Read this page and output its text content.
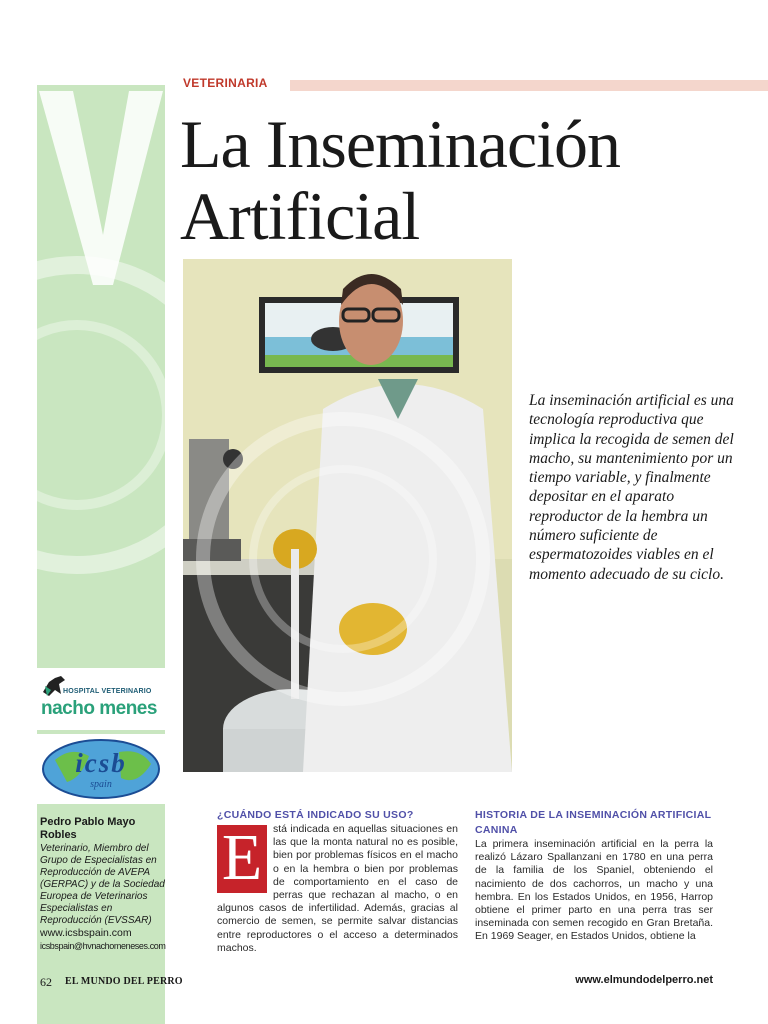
VETERINARIA
La Inseminación
Artificial
La inseminación artificial es una tecnología reproductiva que implica la recogida de semen del macho, su mantenimiento por un tiempo variable, y finalmente depositar en el aparato reproductor de la hembra un número suficiente de espermatozoides viables en el momento adecuado de su ciclo.
HOSPITAL VETERINARIO
nacho menes
icsb
spain
Pedro Pablo Mayo Robles
Veterinario, Miembro del Grupo de Especialistas en Reproducción de AVEPA (GERPAC) y de la Sociedad Europea de Veterinarios Especialistas en Reproducción (EVSSAR)
www.icsbspain.com
icsbspain@hvnachomeneses.com
¿CUÁNDO ESTÁ INDICADO SU USO?

E	stá indicada en aquellas situaciones en las que la monta natural no es posible, bien por problemas físicos en el macho o en la hembra o bien por problemas de comportamiento en el caso de perras que rechazan al macho, o en algunos casos de infertilidad. Además, gracias al comercio de semen, se permite salvar distancias entre reproductores o el acceso a determinados machos.

HISTORIA DE LA INSEMINACIÓN ARTIFICIAL CANINA

La primera inseminación artificial en la perra la realizó Lázaro Spallanzani en 1780 en una perra de la familia de los Spaniel, obteniendo el nacimiento de dos cachorros, un macho y una hembra. En los Estados Unidos, en 1956, Harrop obtiene el primer parto en una perra tras ser inseminada con semen recogido en Gran Bretaña. En 1969 Seager, en Estados Unidos, obtiene la

62 EL MUNDO DEL PERRO	www.elmundodelperro.net
